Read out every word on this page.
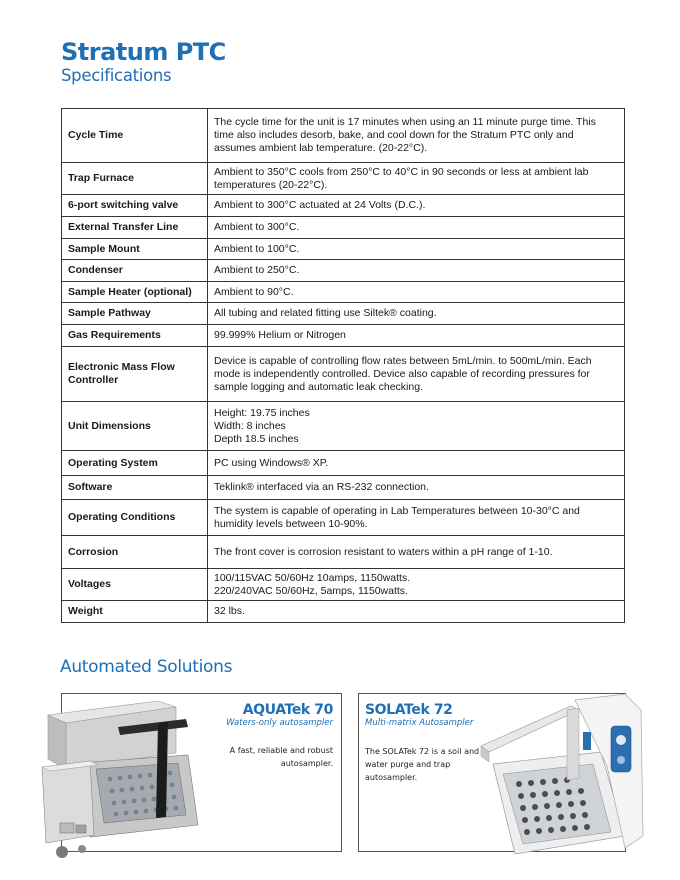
Stratum PTC
Specifications
Cycle Time	The cycle time for the unit is 17 minutes when using an 11 minute purge time. This time also includes desorb, bake, and cool down for the Stratum PTC only and assumes ambient lab temperature. (20-22°C).
Trap Furnace	Ambient to 350°C cools from 250°C to 40°C in 90 seconds or less at ambient lab temperatures (20-22°C).
6-port switching valve	Ambient to 300°C actuated at 24 Volts (D.C.).
External Transfer Line	Ambient to 300°C.
Sample Mount	Ambient to 100°C.
Condenser	Ambient to 250°C.
Sample Heater (optional)	Ambient to 90°C.
Sample Pathway	All tubing and related fitting use Siltek® coating.
Gas Requirements	99.999% Helium or Nitrogen
Electronic Mass Flow Controller	Device is capable of controlling flow rates between 5mL/min. to 500mL/min. Each mode is independently controlled. Device also capable of recording pressures for sample logging and automatic leak checking.
Unit Dimensions	Height: 19.75 inches
Width: 8 inches
Depth 18.5 inches
Operating System	PC using Windows® XP.
Software	Teklink® interfaced via an RS-232 connection.
Operating Conditions	The system is capable of operating in Lab Temperatures between 10-30°C and humidity levels between 10-90%.
Corrosion	The front cover is corrosion resistant to waters within a pH range of 1-10.
Voltages	100/115VAC 50/60Hz 10amps, 1150watts.
220/240VAC 50/60Hz, 5amps, 1150watts.
Weight	32 lbs.
Automated Solutions
AQUATek 70
Waters-only autosampler
A fast, reliable and robust autosampler.
SOLATek 72
Multi-matrix Autosampler
The SOLATek 72 is a soil and water purge and trap autosampler.
